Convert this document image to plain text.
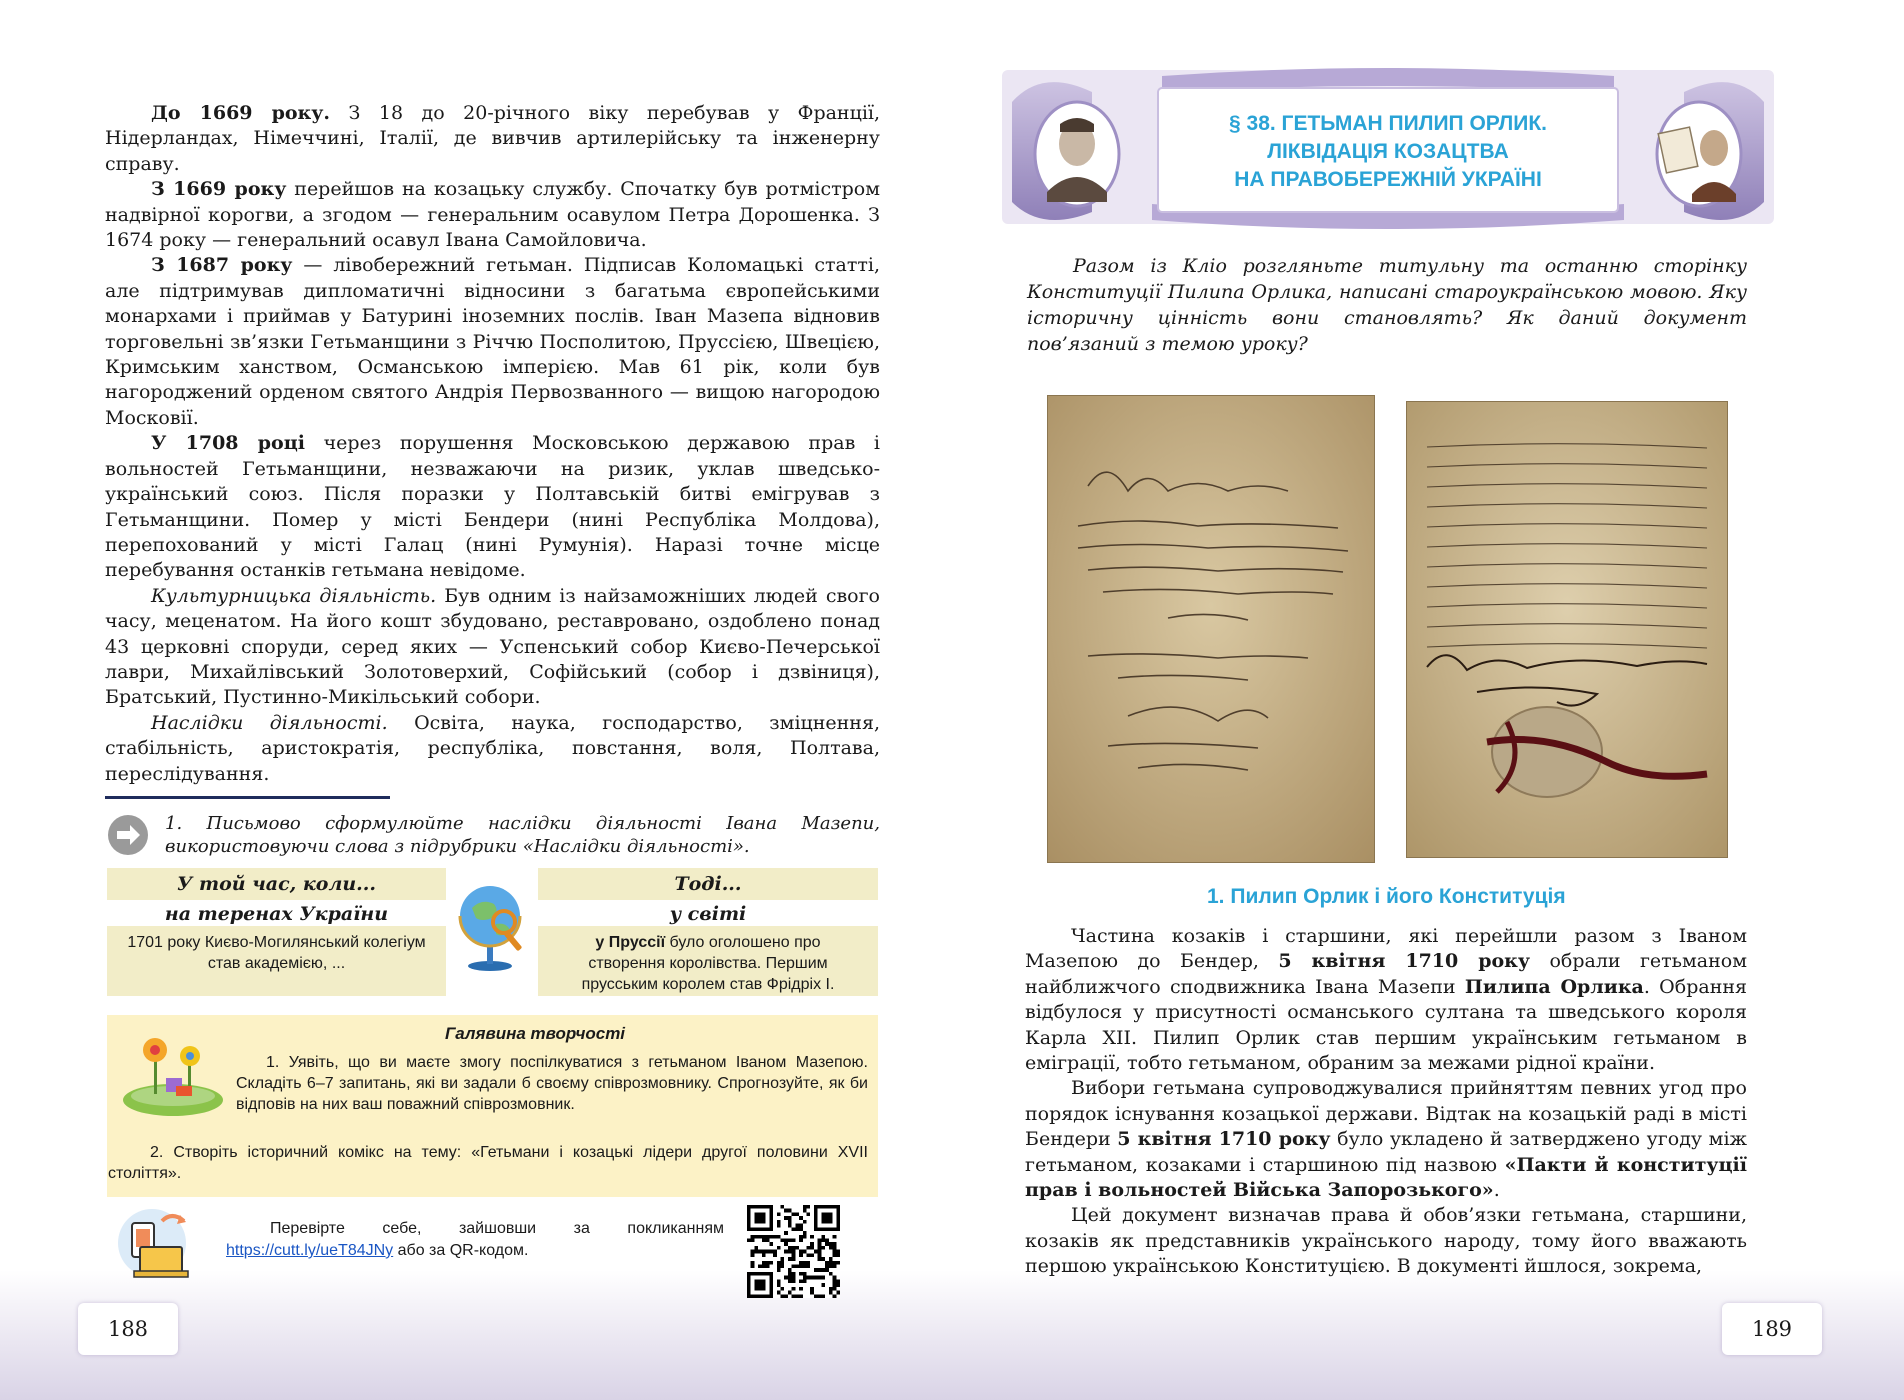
До 1669 року. З 18 до 20-річного віку перебував у Франції, Нідерландах, Німеччині, Італії, де вивчив артилерійську та інженерну справу.

З 1669 року перейшов на козацьку службу. Спочатку був ротмістром надвірної корогви, а згодом — генеральним осавулом Петра Дорошенка. З 1674 року — генеральний осавул Івана Самойловича.

З 1687 року — лівобережний гетьман. Підписав Коломацькі статті, але підтримував дипломатичні відносини з багатьма європейськими монархами і приймав у Батурині іноземних послів. Іван Мазепа відновив торговельні зв’язки Гетьманщини з Річчю Посполитою, Пруссією, Швецією, Кримським ханством, Османською імперією. Мав 61 рік, коли був нагороджений орденом святого Андрія Первозванного — вищою нагородою Московії.

У 1708 році через порушення Московською державою прав і вольностей Гетьманщини, незважаючи на ризик, уклав шведсько-український союз. Після поразки у Полтавській битві емігрував з Гетьманщини. Помер у місті Бендери (нині Республіка Молдова), перепохований у місті Галац (нині Румунія). Наразі точне місце перебування останків гетьмана невідоме.

Культурницька діяльність. Був одним із найзаможніших людей свого часу, меценатом. На його кошт збудовано, реставровано, оздоблено понад 43 церковні споруди, серед яких — Успенський собор Києво-Печерської лаври, Михайлівський Золотоверхий, Софійський (собор і дзвіниця), Братський, Пустинно-Микільський собори.

Наслідки діяльності. Освіта, наука, господарство, зміцнення, стабільність, аристократія, республіка, повстання, воля, Полтава, переслідування.

1. Письмово сформулюйте наслідки діяльності Івана Мазепи, використовуючи слова з підрубрики «Наслідки діяльності».
У той час, коли...
на теренах України
1701 року Києво-Могилянський колегіум став академією, ...
Тоді...
у світі
у Пруссії було оголошено про створення королівства. Першим прусським королем став Фрідріх I.
Галявина творчості
1. Уявіть, що ви маєте змогу поспілкуватися з гетьманом Іваном Мазепою. Складіть 6–7 запитань, які ви задали б своєму співрозмовнику. Спрогнозуйте, як би відповів на них ваш поважний співрозмовник.
2. Створіть історичний комікс на тему: «Гетьмани і козацькі лідери другої половини XVII століття».
Перевірте себе, зайшовши за покликанням https://cutt.ly/ueT84JNy або за QR-кодом.
188
§ 38. ГЕТЬМАН ПИЛИП ОРЛИК.
ЛІКВІДАЦІЯ КОЗАЦТВА
НА ПРАВОБЕРЕЖНІЙ УКРАЇНІ
Разом із Кліо розгляньте титульну та останню сторінку Конституції Пилипа Орлика, написані староукраїнською мовою. Яку історичну цінність вони становлять? Як даний документ пов’язаний з темою уроку?
1. Пилип Орлик і його Конституція

Частина козаків і старшини, які перейшли разом з Іваном Мазепою до Бендер, 5 квітня 1710 року обрали гетьманом найближчого сподвижника Івана Мазепи Пилипа Орлика. Обрання відбулося у присутності османського султана та шведського короля Карла XII. Пилип Орлик став першим українським гетьманом в еміграції, тобто гетьманом, обраним за межами рідної країни.

Вибори гетьмана супроводжувалися прийняттям певних угод про порядок існування козацької держави. Відтак на козацькій раді в місті Бендери 5 квітня 1710 року було укладено й затверджено угоду між гетьманом, козаками і старшиною під назвою «Пакти й конституції прав і вольностей Війська Запорозького».

Цей документ визначав права й обов’язки гетьмана, старшини, козаків як представників українського народу, тому його вважають першою українською Конституцією. В документі йшлося, зокрема,

189
